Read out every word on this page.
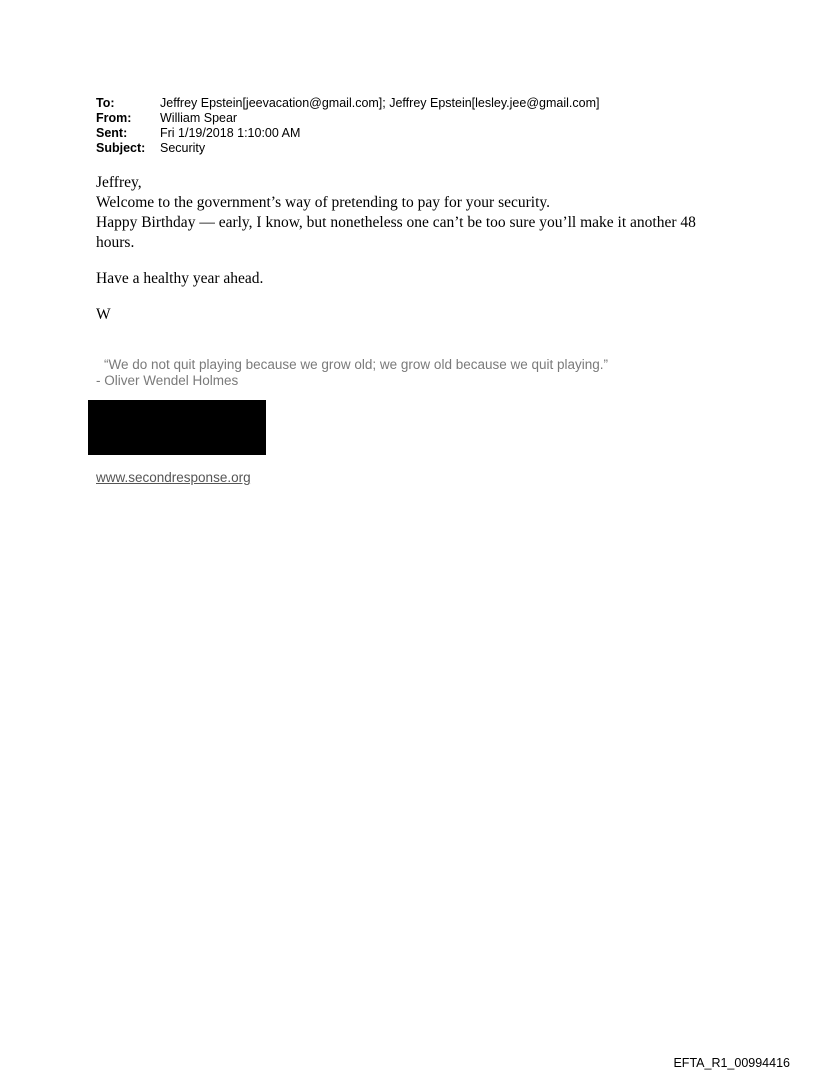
To:	Jeffrey Epstein[jeevacation@gmail.com]; Jeffrey Epstein[lesley.jee@gmail.com]
From:	William Spear
Sent:	Fri 1/19/2018 1:10:00 AM
Subject:	Security

Jeffrey,

Welcome to the government’s way of pretending to pay for your security.

Happy Birthday — early, I know, but nonetheless one can’t be too sure you’ll make it another 48 hours.

Have a healthy year ahead.

W

“We do not quit playing because we grow old; we grow old because we quit playing.”
- Oliver Wendel Holmes
www.secondresponse.org
EFTA_R1_00994416
